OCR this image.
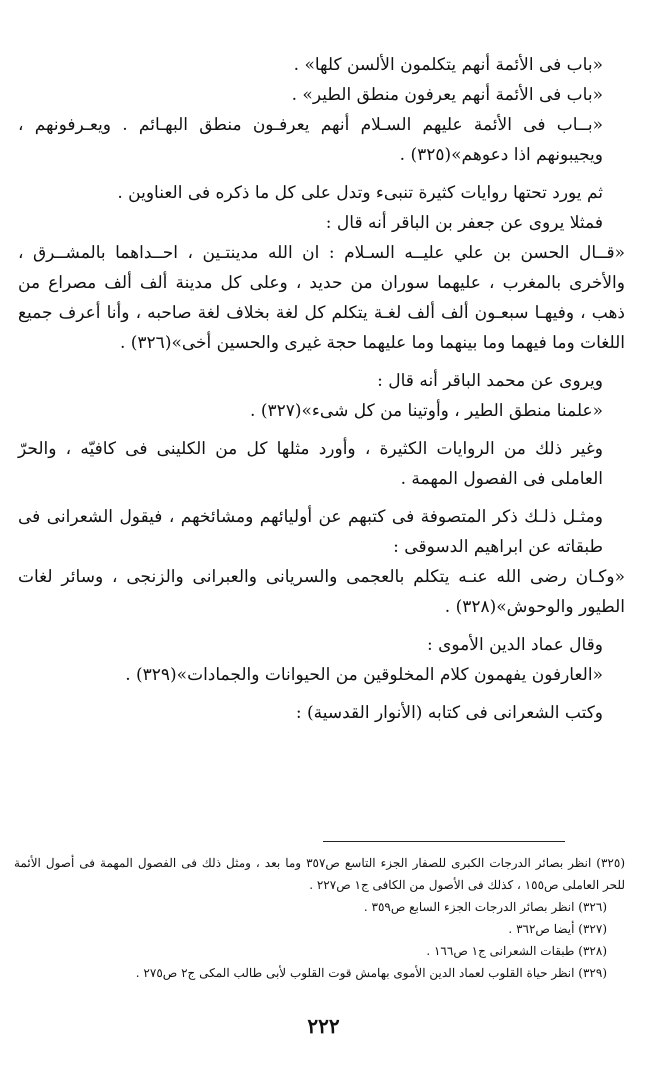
«باب فى الأئمة أنهم يتكلمون الألسن كلها» .

«باب فى الأئمة أنهم يعرفون منطق الطير» .

«بــاب فى الأئمة عليهم السـلام أنهم يعرفـون منطق البهـائم . ويعـرفونهم ، ويجيبونهم اذا دعوهم»(٣٢٥) .

ثم يورد تحتها روايات كثيرة تنبىء وتدل على كل ما ذكره فى العناوين .

فمثلا يروى عن جعفر بن الباقر أنه قال :

«قــال الحسن بن علي عليــه السـلام : ان الله مدينتـين ، احــداهما بالمشــرق ، والأخرى بالمغرب ، عليهما سوران من حديد ، وعلى كل مدينة ألف ألف مصراع من ذهب ، وفيهـا سبعـون ألف ألف لغـة يتكلم كل لغة بخلاف لغة صاحبه ، وأنا أعرف جميع اللغات وما فيهما وما بينهما وما عليهما حجة غيرى والحسين أخى»(٣٢٦) .

ويروى عن محمد الباقر أنه قال :

«علمنا منطق الطير ، وأوتينا من كل شىء»(٣٢٧) .

وغير ذلك من الروايات الكثيرة ، وأورد مثلها كل من الكلينى فى كافيّه ، والحرّ العاملى فى الفصول المهمة .

ومثـل ذلـك ذكر المتصوفة فى كتبهم عن أوليائهم ومشائخهم ، فيقول الشعرانى فى طبقاته عن ابراهيم الدسوقى :

«وكـان رضى الله عنـه يتكلم بالعجمى والسريانى والعبرانى والزنجى ، وسائر لغات الطيور والوحوش»(٣٢٨) .

وقال عماد الدين الأموى :

«العارفون يفهمون كلام المخلوقين من الحيوانات والجمادات»(٣٢٩) .

وكتب الشعرانى فى كتابه (الأنوار القدسية) :

(٣٢٥) انظر بصائر الدرجات الكبرى للصفار الجزء التاسع ص٣٥٧ وما بعد ، ومثل ذلك فى الفصول المهمة فى أصول الأئمة للحر العاملى ص١٥٥ ، كذلك فى الأصول من الكافى ج١ ص٢٢٧ .

(٣٢٦) انظر بصائر الدرجات الجزء السابع ص٣٥٩ .

(٣٢٧) أيضا ص٣٦٢ .

(٣٢٨) طبقات الشعرانى ج١ ص١٦٦ .

(٣٢٩) انظر حياة القلوب لعماد الدين الأموى بهامش قوت القلوب لأبى طالب المكى ج٢ ص٢٧٥ .

٢٢٢
